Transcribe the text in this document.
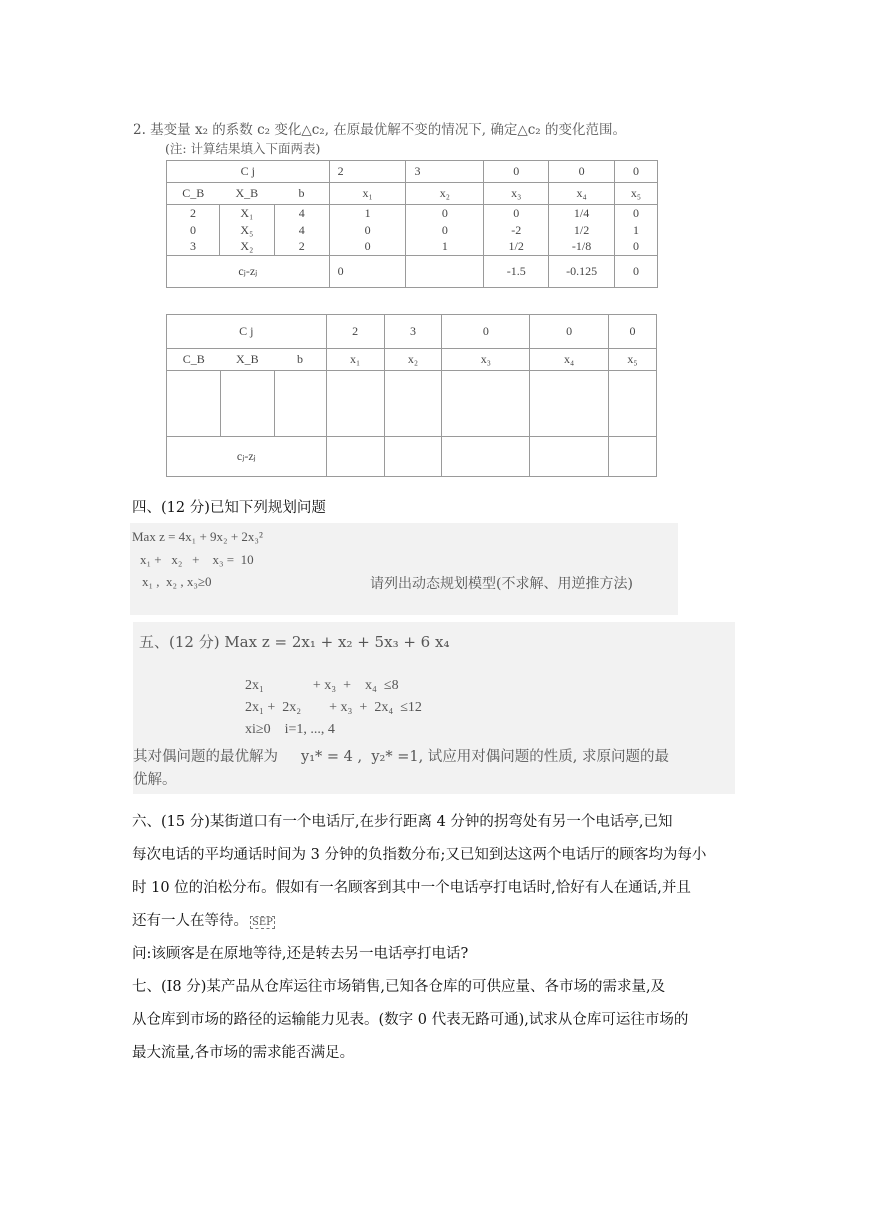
2. 基变量 x₂ 的系数 c₂ 变化△c₂, 在原最优解不变的情况下, 确定△c₂ 的变化范围。
(注: 计算结果填入下面两表)
C j			2	3	0	0	0
C_B	X_B	b	x₁	x₂	x₃	x₄	x₅
2	X₁	4	1	0	0	1/4	0
0	X₅	4	0	0	-2	1/2	1
3	X₂	2	0	1	1/2	-1/8	0
cⱼ-zⱼ			0		-1.5	-0.125	0
C j			2	3	0	0	0
C_B	X_B	b	x₁	x₂	x₃	x₄	x₅

cⱼ-zⱼ							
四、(12 分)已知下列规划问题
Max z = 4x₁ + 9x₂ + 2x₃²
x₁ +   x₂   +    x₃ =  10
x₁ ,  x₂ , x₃≥0	请列出动态规划模型(不求解、用逆推方法)
五、(12 分) Max z = 2x₁ + x₂ + 5x₃ + 6 x₄
2x₁              + x₃  +    x₄  ≤8
2x₁ +  2x₂        + x₃  +  2x₄  ≤12
xi≥0    i=1, ..., 4
其对偶问题的最优解为     y₁* = 4 ,  y₂* =1, 试应用对偶问题的性质, 求原问题的最
优解。
六、(15 分)某街道口有一个电话厅,在步行距离 4 分钟的拐弯处有另一个电话亭,已知
每次电话的平均通话时间为 3 分钟的负指数分布;又已知到达这两个电话厅的顾客均为每小
时 10 位的泊松分布。假如有一名顾客到其中一个电话亭打电话时,恰好有人在通话,并且
还有一人在等待。 SEP
问:该顾客是在原地等待,还是转去另一电话亭打电话?
七、(I8 分)某产品从仓库运往市场销售,已知各仓库的可供应量、各市场的需求量,及
从仓库到市场的路径的运输能力见表。(数字 0 代表无路可通),试求从仓库可运往市场的
最大流量,各市场的需求能否满足。
